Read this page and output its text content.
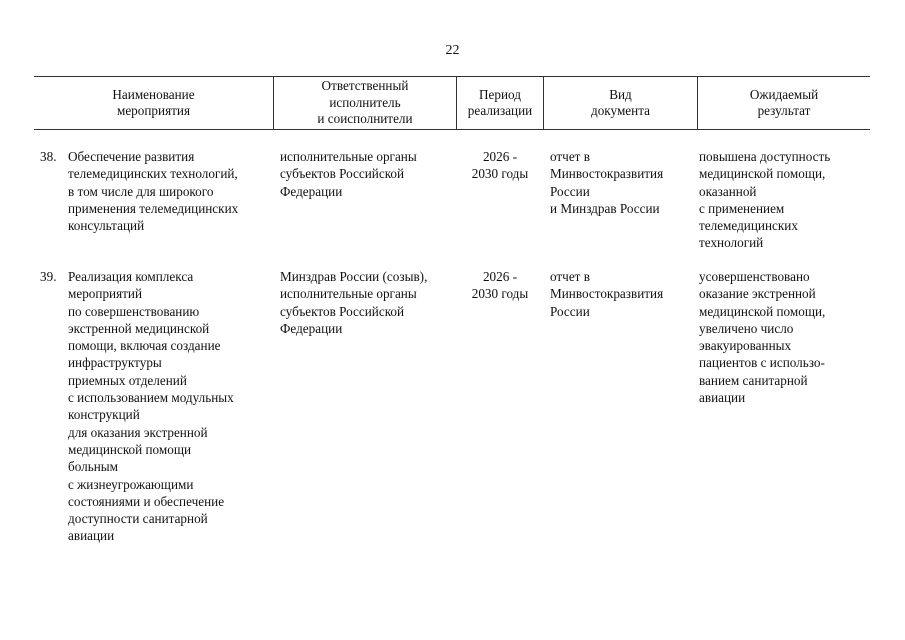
22
Наименование
мероприятия
Ответственный
исполнитель
и соисполнители
Период
реализации
Вид
документа
Ожидаемый
результат
38. Обеспечение развития
телемедицинских технологий,
в том числе для широкого
применения телемедицинских
консультаций
исполнительные органы
субъектов Российской
Федерации
2026 -
2030 годы
отчет в
Минвостокразвития
России
и Минздрав России
повышена доступность
медицинской помощи,
оказанной
с применением
телемедицинских
технологий
39. Реализация комплекса
мероприятий
по совершенствованию
экстренной медицинской
помощи, включая создание
инфраструктуры
приемных отделений
с использованием модульных
конструкций
для оказания экстренной
медицинской помощи
больным
с жизнеугрожающими
состояниями и обеспечение
доступности санитарной
авиации
Минздрав России (созыв),
исполнительные органы
субъектов Российской
Федерации
2026 -
2030 годы
отчет в
Минвостокразвития
России
усовершенствовано
оказание экстренной
медицинской помощи,
увеличено число
эвакуированных
пациентов с использо-
ванием санитарной
авиации
